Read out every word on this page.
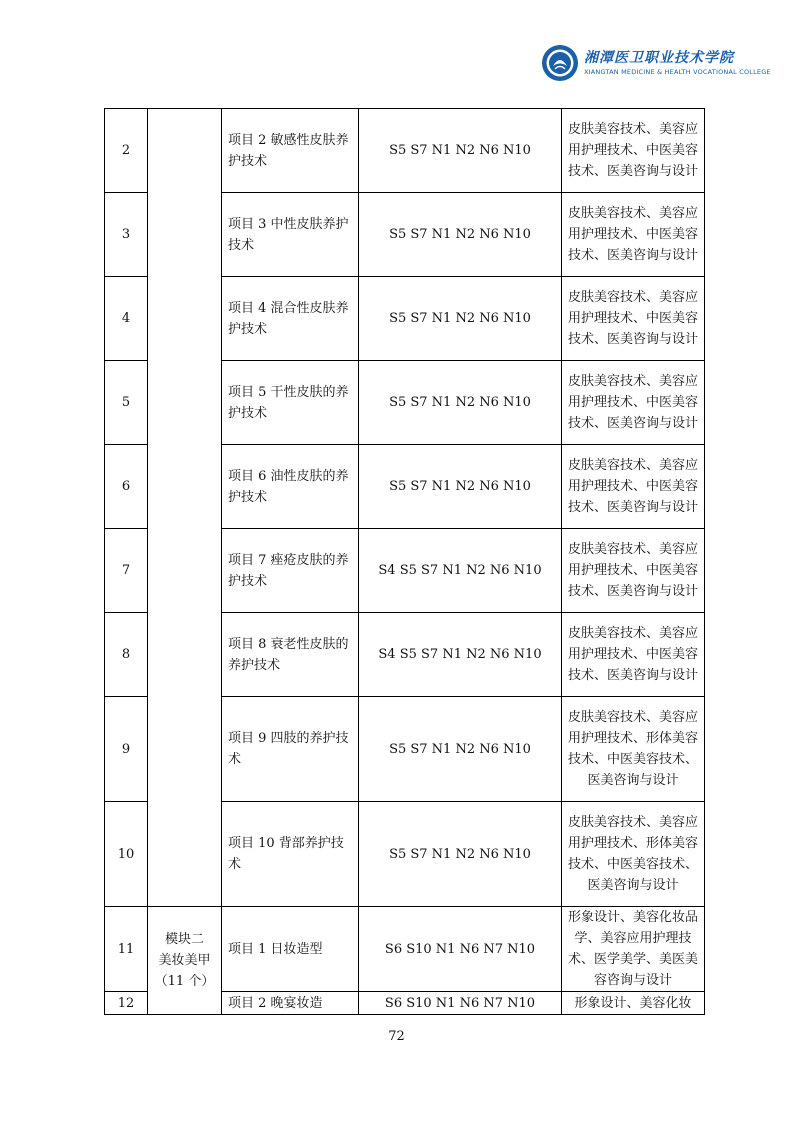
湘潭医卫职业技术学院
XIANGTAN MEDICINE & HEALTH VOCATIONAL COLLEGE
2		项目 2 敏感性皮肤养护技术	S5 S7 N1 N2 N6 N10	皮肤美容技术、美容应用护理技术、中医美容技术、医美咨询与设计
3		项目 3 中性皮肤养护技术	S5 S7 N1 N2 N6 N10	皮肤美容技术、美容应用护理技术、中医美容技术、医美咨询与设计
4		项目 4 混合性皮肤养护技术	S5 S7 N1 N2 N6 N10	皮肤美容技术、美容应用护理技术、中医美容技术、医美咨询与设计
5		项目 5 干性皮肤的养护技术	S5 S7 N1 N2 N6 N10	皮肤美容技术、美容应用护理技术、中医美容技术、医美咨询与设计
6		项目 6 油性皮肤的养护技术	S5 S7 N1 N2 N6 N10	皮肤美容技术、美容应用护理技术、中医美容技术、医美咨询与设计
7		项目 7 痤疮皮肤的养护技术	S4 S5 S7 N1 N2 N6 N10	皮肤美容技术、美容应用护理技术、中医美容技术、医美咨询与设计
8		项目 8 衰老性皮肤的养护技术	S4 S5 S7 N1 N2 N6 N10	皮肤美容技术、美容应用护理技术、中医美容技术、医美咨询与设计
9		项目 9 四肢的养护技术	S5 S7 N1 N2 N6 N10	皮肤美容技术、美容应用护理技术、形体美容技术、中医美容技术、医美咨询与设计
10		项目 10 背部养护技术	S5 S7 N1 N2 N6 N10	皮肤美容技术、美容应用护理技术、形体美容技术、中医美容技术、医美咨询与设计
11	模块二
美妆美甲
（11 个）	项目 1 日妆造型	S6 S10 N1 N6 N7 N10	形象设计、美容化妆品学、美容应用护理技术、医学美学、美医美容咨询与设计
12		项目 2 晚宴妆造	S6 S10 N1 N6 N7 N10	形象设计、美容化妆
72
